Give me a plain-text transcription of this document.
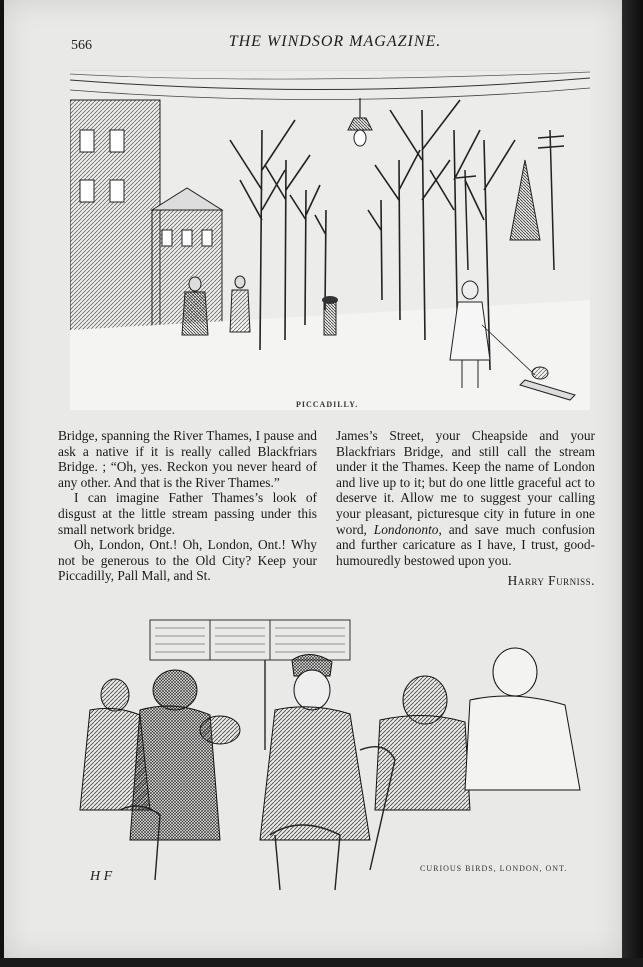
566	THE WINDSOR MAGAZINE.
PICCADILLY.

Bridge, spanning the River Thames, I pause and ask a native if it is really called Blackfriars Bridge. ; “Oh, yes. Reckon you never heard of any other. And that is the River Thames.”

I can imagine Father Thames’s look of disgust at the little stream passing under this small network bridge.

Oh, London, Ont.! Oh, London, Ont.! Why not be generous to the Old City? Keep your Piccadilly, Pall Mall, and St.

James’s Street, your Cheapside and your Blackfriars Bridge, and still call the stream under it the Thames. Keep the name of London and live up to it; but do one little graceful act to deserve it. Allow me to suggest your calling your pleasant, picturesque city in future in one word, Londononto, and save much confusion and further caricature as I have, I trust, good-humouredly bestowed upon you.

Harry Furniss.

H F
CURIOUS BIRDS, LONDON, ONT.
